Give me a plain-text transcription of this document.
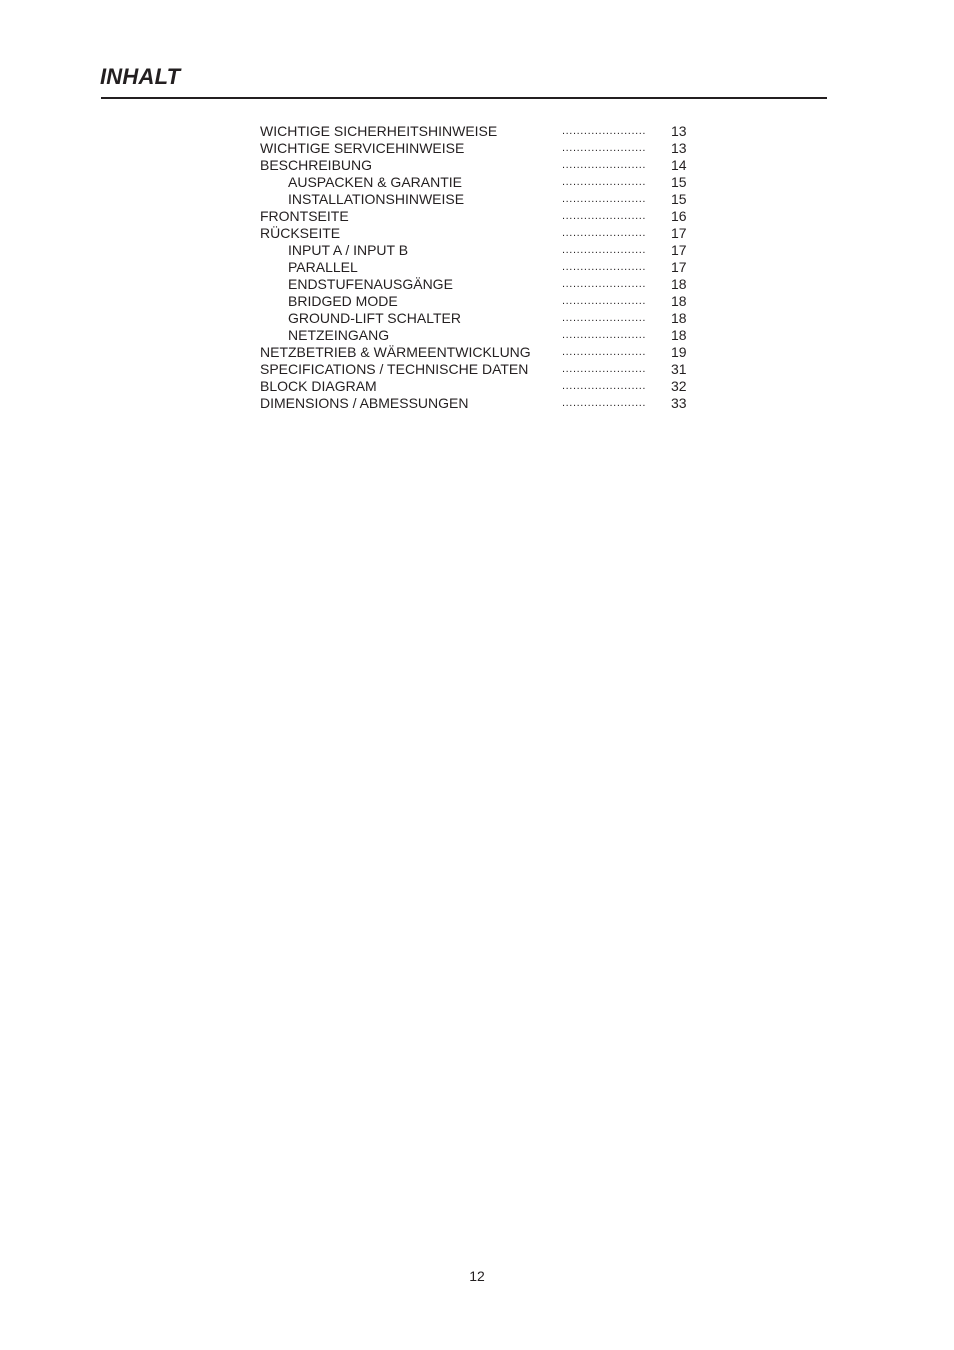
INHALT
WICHTIGE SICHERHEITSHINWEISE	....................... 13
WICHTIGE SERVICEHINWEISE	....................... 13
BESCHREIBUNG	....................... 14
AUSPACKEN & GARANTIE	....................... 15
INSTALLATIONSHINWEISE	....................... 15
FRONTSEITE	....................... 16
RÜCKSEITE	....................... 17
INPUT A / INPUT B	....................... 17
PARALLEL	....................... 17
ENDSTUFENAUSGÄNGE	....................... 18
BRIDGED MODE	....................... 18
GROUND-LIFT SCHALTER	....................... 18
NETZEINGANG	....................... 18
NETZBETRIEB & WÄRMEENTWICKLUNG	....................... 19
SPECIFICATIONS / TECHNISCHE DATEN	....................... 31
BLOCK DIAGRAM	....................... 32
DIMENSIONS / ABMESSUNGEN	....................... 33
12
